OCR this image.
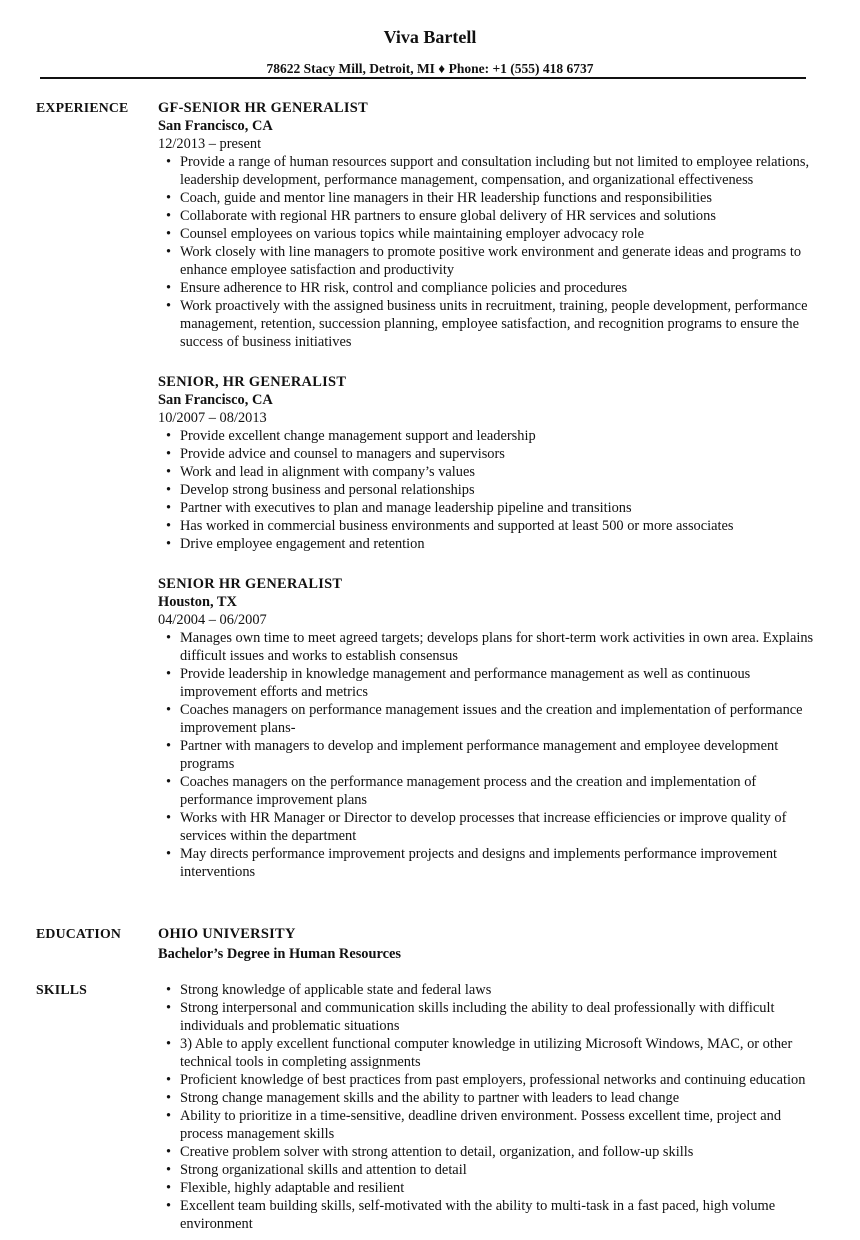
Viva Bartell
78622 Stacy Mill, Detroit, MI ♦ Phone: +1 (555) 418 6737
EXPERIENCE GF-SENIOR HR GENERALIST
San Francisco, CA
12/2013 – present
• Provide a range of human resources support and consultation including but not limited to employee relations, leadership development, performance management, compensation, and organizational effectiveness
• Coach, guide and mentor line managers in their HR leadership functions and responsibilities
• Collaborate with regional HR partners to ensure global delivery of HR services and solutions
• Counsel employees on various topics while maintaining employer advocacy role
• Work closely with line managers to promote positive work environment and generate ideas and programs to enhance employee satisfaction and productivity
• Ensure adherence to HR risk, control and compliance policies and procedures
• Work proactively with the assigned business units in recruitment, training, people development, performance management, retention, succession planning, employee satisfaction, and recognition programs to ensure the success of business initiatives
SENIOR, HR GENERALIST
San Francisco, CA
10/2007 – 08/2013
• Provide excellent change management support and leadership
• Provide advice and counsel to managers and supervisors
• Work and lead in alignment with company’s values
• Develop strong business and personal relationships
• Partner with executives to plan and manage leadership pipeline and transitions
• Has worked in commercial business environments and supported at least 500 or more associates
• Drive employee engagement and retention
SENIOR HR GENERALIST
Houston, TX
04/2004 – 06/2007
• Manages own time to meet agreed targets; develops plans for short-term work activities in own area. Explains difficult issues and works to establish consensus
• Provide leadership in knowledge management and performance management as well as continuous improvement efforts and metrics
• Coaches managers on performance management issues and the creation and implementation of performance improvement plans-
• Partner with managers to develop and implement performance management and employee development programs
• Coaches managers on the performance management process and the creation and implementation of performance improvement plans
• Works with HR Manager or Director to develop processes that increase efficiencies or improve quality of services within the department
• May directs performance improvement projects and designs and implements performance improvement interventions
EDUCATION	OHIO UNIVERSITY
Bachelor’s Degree in Human Resources
SKILLS
•	Strong knowledge of applicable state and federal laws
• Strong interpersonal and communication skills including the ability to deal professionally with difficult individuals and problematic situations
• 3) Able to apply excellent functional computer knowledge in utilizing Microsoft Windows, MAC, or other technical tools in completing assignments
• Proficient knowledge of best practices from past employers, professional networks and continuing education
• Strong change management skills and the ability to partner with leaders to lead change
• Ability to prioritize in a time-sensitive, deadline driven environment. Possess excellent time, project and process management skills
• Creative problem solver with strong attention to detail, organization, and follow-up skills
• Strong organizational skills and attention to detail
• Flexible, highly adaptable and resilient
• Excellent team building skills, self-motivated with the ability to multi-task in a fast paced, high volume environment
